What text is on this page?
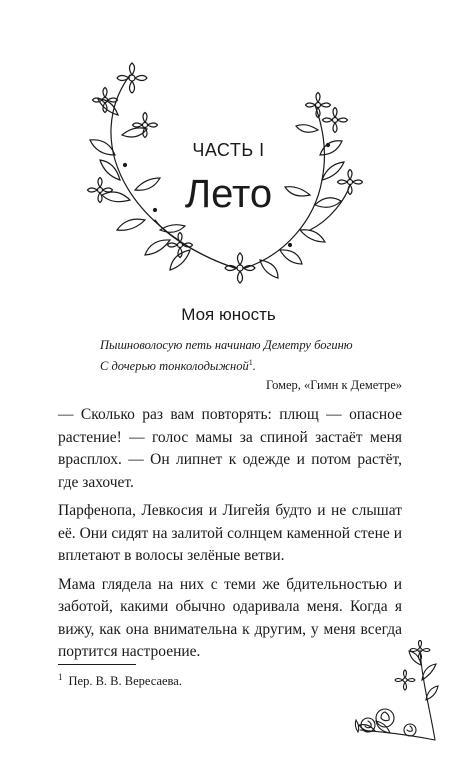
ЧАСТЬ I
Лето
Моя юность
Пышноволосую петь начинаю Деметру богиню
С дочерью тонколодыжной$^1$.
Гомер, «Гимн к Деметре»

— Сколько раз вам повторять: плющ — опасное растение! — голос мамы за спиной застаёт меня врасплох. — Он липнет к одежде и потом растёт, где захочет.

Парфенопа, Левкосия и Лигейя будто и не слышат её. Они сидят на залитой солнцем каменной стене и вплетают в волосы зелёные ветви.

Мама глядела на них с теми же бдительностью и заботой, какими обычно одаривала меня. Когда я вижу, как она внимательна к другим, у меня всегда портится настроение.

$^1$ Пер. В. В. Вересаева.
